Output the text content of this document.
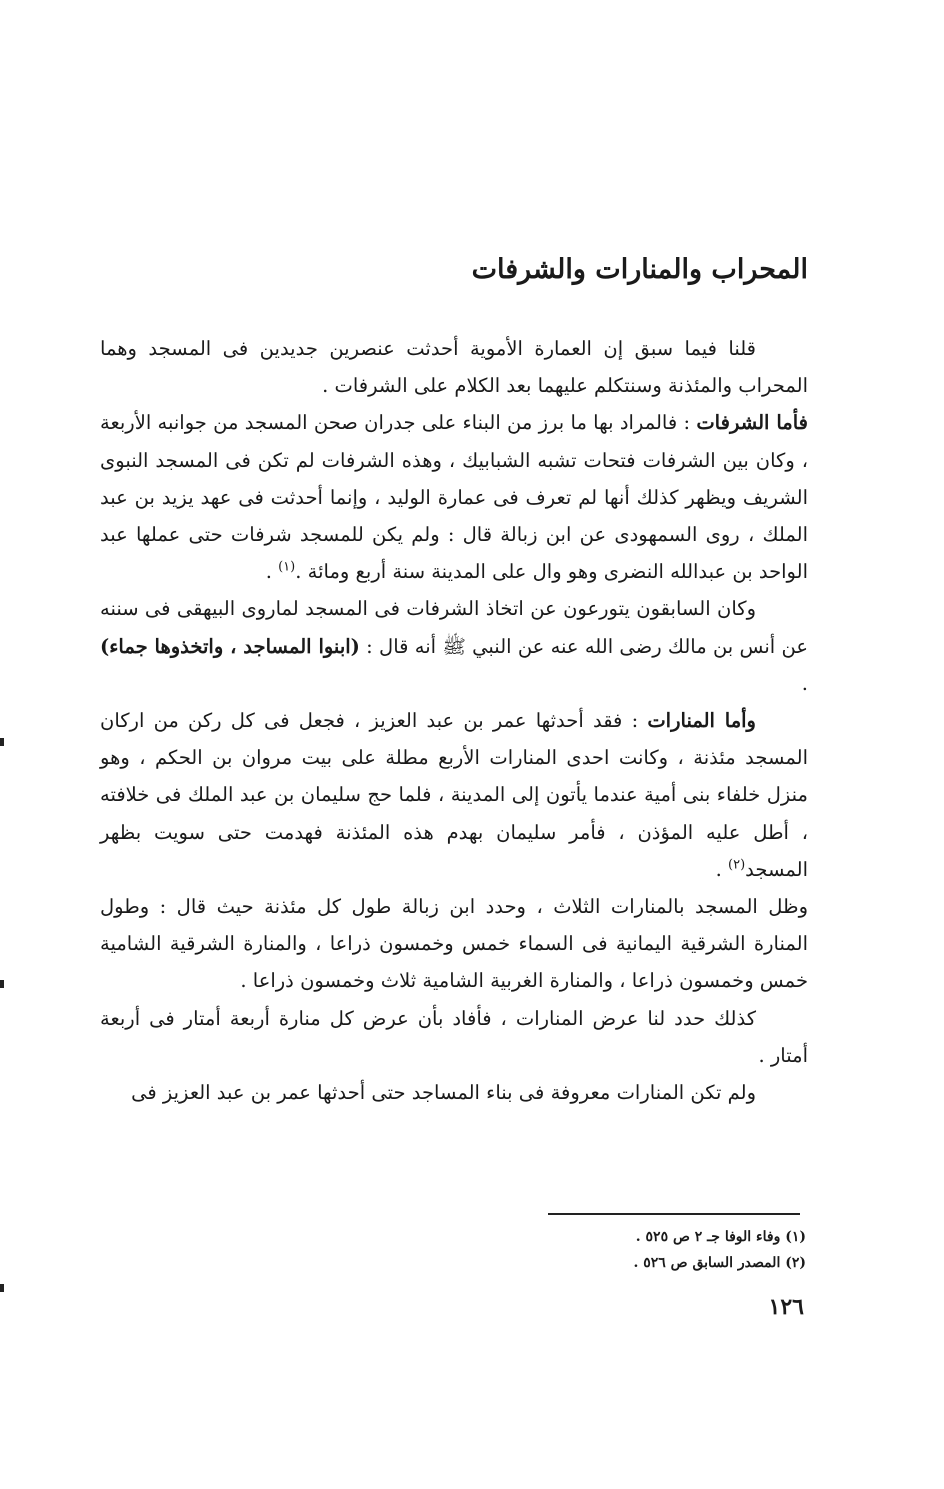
المحراب والمنارات والشرفات

قلنا فيما سبق إن العمارة الأموية أحدثت عنصرين جديدين فى المسجد وهما المحراب والمئذنة وسنتكلم عليهما بعد الكلام على الشرفات .

فأما الشرفات : فالمراد بها ما برز من البناء على جدران صحن المسجد من جوانبه الأربعة ، وكان بين الشرفات فتحات تشبه الشبابيك ، وهذه الشرفات لم تكن فى المسجد النبوى الشريف ويظهر كذلك أنها لم تعرف فى عمارة الوليد ، وإنما أحدثت فى عهد يزيد بن عبد الملك ، روى السمهودى عن ابن زبالة قال : ولم يكن للمسجد شرفات حتى عملها عبد الواحد بن عبدالله النضرى وهو وال على المدينة سنة أربع ومائة .$^{(١)}$ .

وكان السابقون يتورعون عن اتخاذ الشرفات فى المسجد لماروى البيهقى فى سننه عن أنس بن مالك رضى الله عنه عن النبي ﷺ أنه قال : (ابنوا المساجد ، واتخذوها جماء) .

وأما المنارات : فقد أحدثها عمر بن عبد العزيز ، فجعل فى كل ركن من اركان المسجد مئذنة ، وكانت احدى المنارات الأربع مطلة على بيت مروان بن الحكم ، وهو منزل خلفاء بنى أمية عندما يأتون إلى المدينة ، فلما حج سليمان بن عبد الملك فى خلافته ، أطل عليه المؤذن ، فأمر سليمان بهدم هذه المئذنة فهدمت حتى سويت بظهر المسجد$^{(٢)}$ .

وظل المسجد بالمنارات الثلاث ، وحدد ابن زبالة طول كل مئذنة حيث قال : وطول المنارة الشرقية اليمانية فى السماء خمس وخمسون ذراعا ، والمنارة الشرقية الشامية خمس وخمسون ذراعا ، والمنارة الغربية الشامية ثلاث وخمسون ذراعا .

كذلك حدد لنا عرض المنارات ، فأفاد بأن عرض كل منارة أربعة أمتار فى أربعة أمتار .

ولم تكن المنارات معروفة فى بناء المساجد حتى أحدثها عمر بن عبد العزيز فى

(١) وفاء الوفا جـ ٢ ص ٥٢٥ .
(٢) المصدر السابق ص ٥٢٦ .
١٢٦
